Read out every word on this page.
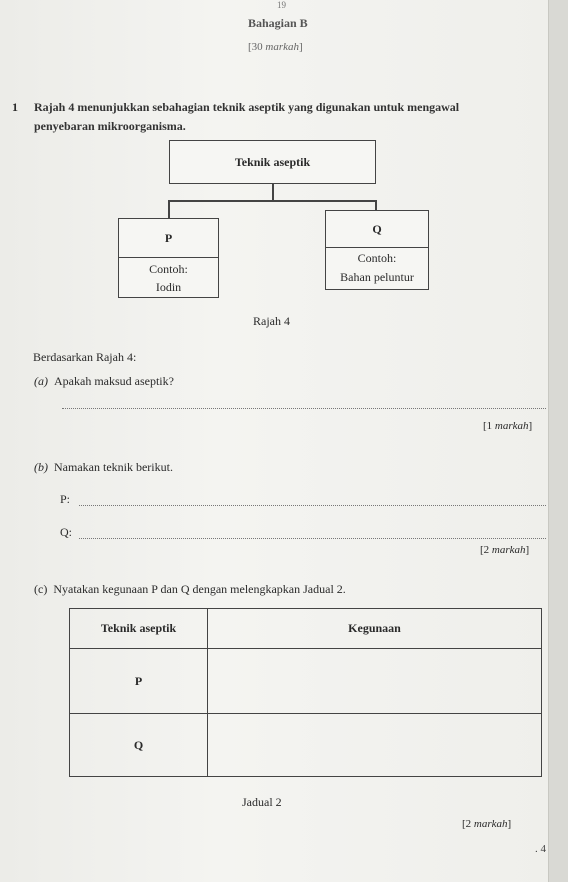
19
Bahagian B
[30 markah]
1 Rajah 4 menunjukkan sebahagian teknik aseptik yang digunakan untuk mengawal
penyebaran mikroorganisma.
Teknik aseptik
P
Contoh:
Iodin
Q
Contoh:
Bahan peluntur
Rajah 4
Berdasarkan Rajah 4:
(a) Apakah maksud aseptik?
[1 markah]
(b) Namakan teknik berikut.
P:
Q:
[2 markah]
(c) Nyatakan kegunaan P dan Q dengan melengkapkan Jadual 2.
Teknik aseptik	Kegunaan
P	
Q	
Jadual 2
[2 markah]
. 4
